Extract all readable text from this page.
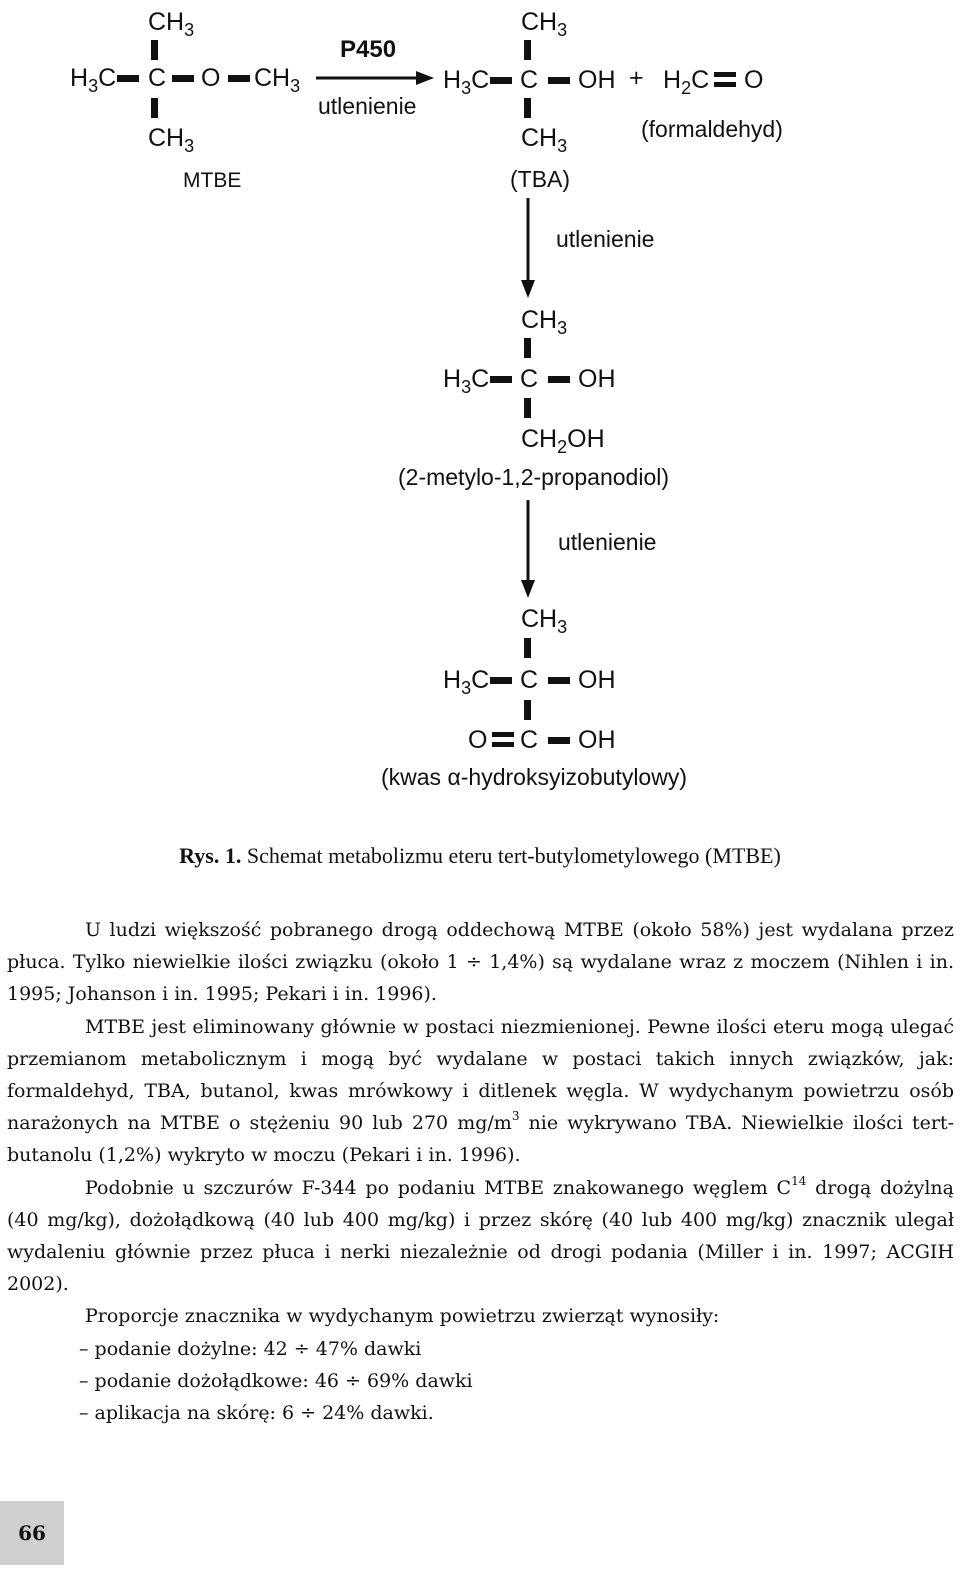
$CH_3$
$H_3C$ C O $CH_3$
$CH_3$
MTBE
P450
utlenienie
$CH_3$
$H_3C$ C OH
$CH_3$
(TBA)
+ $H_2C$ O
(formaldehyd)
utlenienie
$CH_3$
$H_3C$ C OH
$CH_2OH$
(2-metylo-1,2-propanodiol)
utlenienie
$CH_3$
$H_3C$ C OH
O C OH
(kwas α-hydroksyizobutylowy)
Rys. 1. Schemat metabolizmu eteru tert-butylometylowego (MTBE)

U ludzi większość pobranego drogą oddechową MTBE (około 58%) jest wydalana przez płuca. Tylko niewielkie ilości związku (około 1 ÷ 1,4%) są wydalane wraz z moczem (Nihlen i in. 1995; Johanson i in. 1995; Pekari i in. 1996).

MTBE jest eliminowany głównie w postaci niezmienionej. Pewne ilości eteru mogą ulegać przemianom metabolicznym i mogą być wydalane w postaci takich innych związków, jak: formaldehyd, TBA, butanol, kwas mrówkowy i ditlenek węgla. W wydychanym powietrzu osób narażonych na MTBE o stężeniu 90 lub 270 $mg/m^3$ nie wykrywano TBA. Niewielkie ilości tert-butanolu (1,2%) wykryto w moczu (Pekari i in. 1996).

Podobnie u szczurów F-344 po podaniu MTBE znakowanego węglem $C^{14}$ drogą dożylną (40 mg/kg), dożołądkową (40 lub 400 mg/kg) i przez skórę (40 lub 400 mg/kg) znacznik ulegał wydaleniu głównie przez płuca i nerki niezależnie od drogi podania (Miller i in. 1997; ACGIH 2002).

Proporcje znacznika w wydychanym powietrzu zwierząt wynosiły:

– podanie dożylne: 42 ÷ 47% dawki

– podanie dożołądkowe: 46 ÷ 69% dawki

– aplikacja na skórę: 6 ÷ 24% dawki.

66
